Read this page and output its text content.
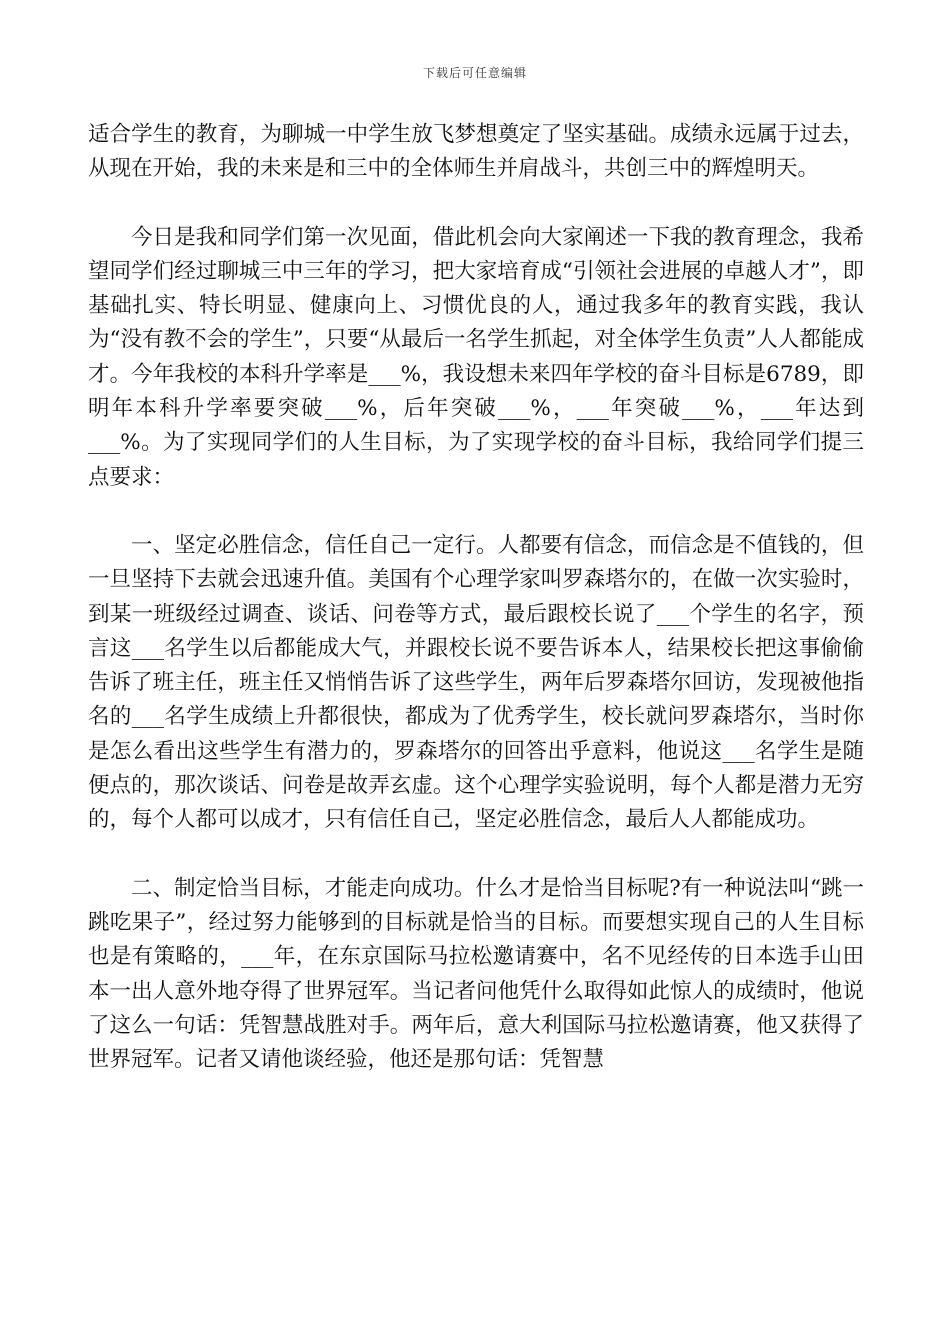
下载后可任意编辑

适合学生的教育，为聊城一中学生放飞梦想奠定了坚实基础。成绩永远属于过去，从现在开始，我的未来是和三中的全体师生并肩战斗，共创三中的辉煌明天。

今日是我和同学们第一次见面，借此机会向大家阐述一下我的教育理念，我希望同学们经过聊城三中三年的学习，把大家培育成“引领社会进展的卓越人才”，即基础扎实、特长明显、健康向上、习惯优良的人，通过我多年的教育实践，我认为“没有教不会的学生”，只要“从最后一名学生抓起，对全体学生负责”人人都能成才。今年我校的本科升学率是___%，我设想未来四年学校的奋斗目标是6789，即明年本科升学率要突破___%，后年突破___%，___年突破___%，___年达到___%。为了实现同学们的人生目标，为了实现学校的奋斗目标，我给同学们提三点要求：

一、坚定必胜信念，信任自己一定行。人都要有信念，而信念是不值钱的，但一旦坚持下去就会迅速升值。美国有个心理学家叫罗森塔尔的，在做一次实验时，到某一班级经过调查、谈话、问卷等方式，最后跟校长说了___个学生的名字，预言这___名学生以后都能成大气，并跟校长说不要告诉本人，结果校长把这事偷偷告诉了班主任，班主任又悄悄告诉了这些学生，两年后罗森塔尔回访，发现被他指名的___名学生成绩上升都很快，都成为了优秀学生，校长就问罗森塔尔，当时你是怎么看出这些学生有潜力的，罗森塔尔的回答出乎意料，他说这___名学生是随便点的，那次谈话、问卷是故弄玄虚。这个心理学实验说明，每个人都是潜力无穷的，每个人都可以成才，只有信任自己，坚定必胜信念，最后人人都能成功。

二、制定恰当目标，才能走向成功。什么才是恰当目标呢?有一种说法叫“跳一跳吃果子”，经过努力能够到的目标就是恰当的目标。而要想实现自己的人生目标也是有策略的，___年，在东京国际马拉松邀请赛中，名不见经传的日本选手山田本一出人意外地夺得了世界冠军。当记者问他凭什么取得如此惊人的成绩时，他说了这么一句话：凭智慧战胜对手。两年后，意大利国际马拉松邀请赛，他又获得了世界冠军。记者又请他谈经验，他还是那句话：凭智慧
